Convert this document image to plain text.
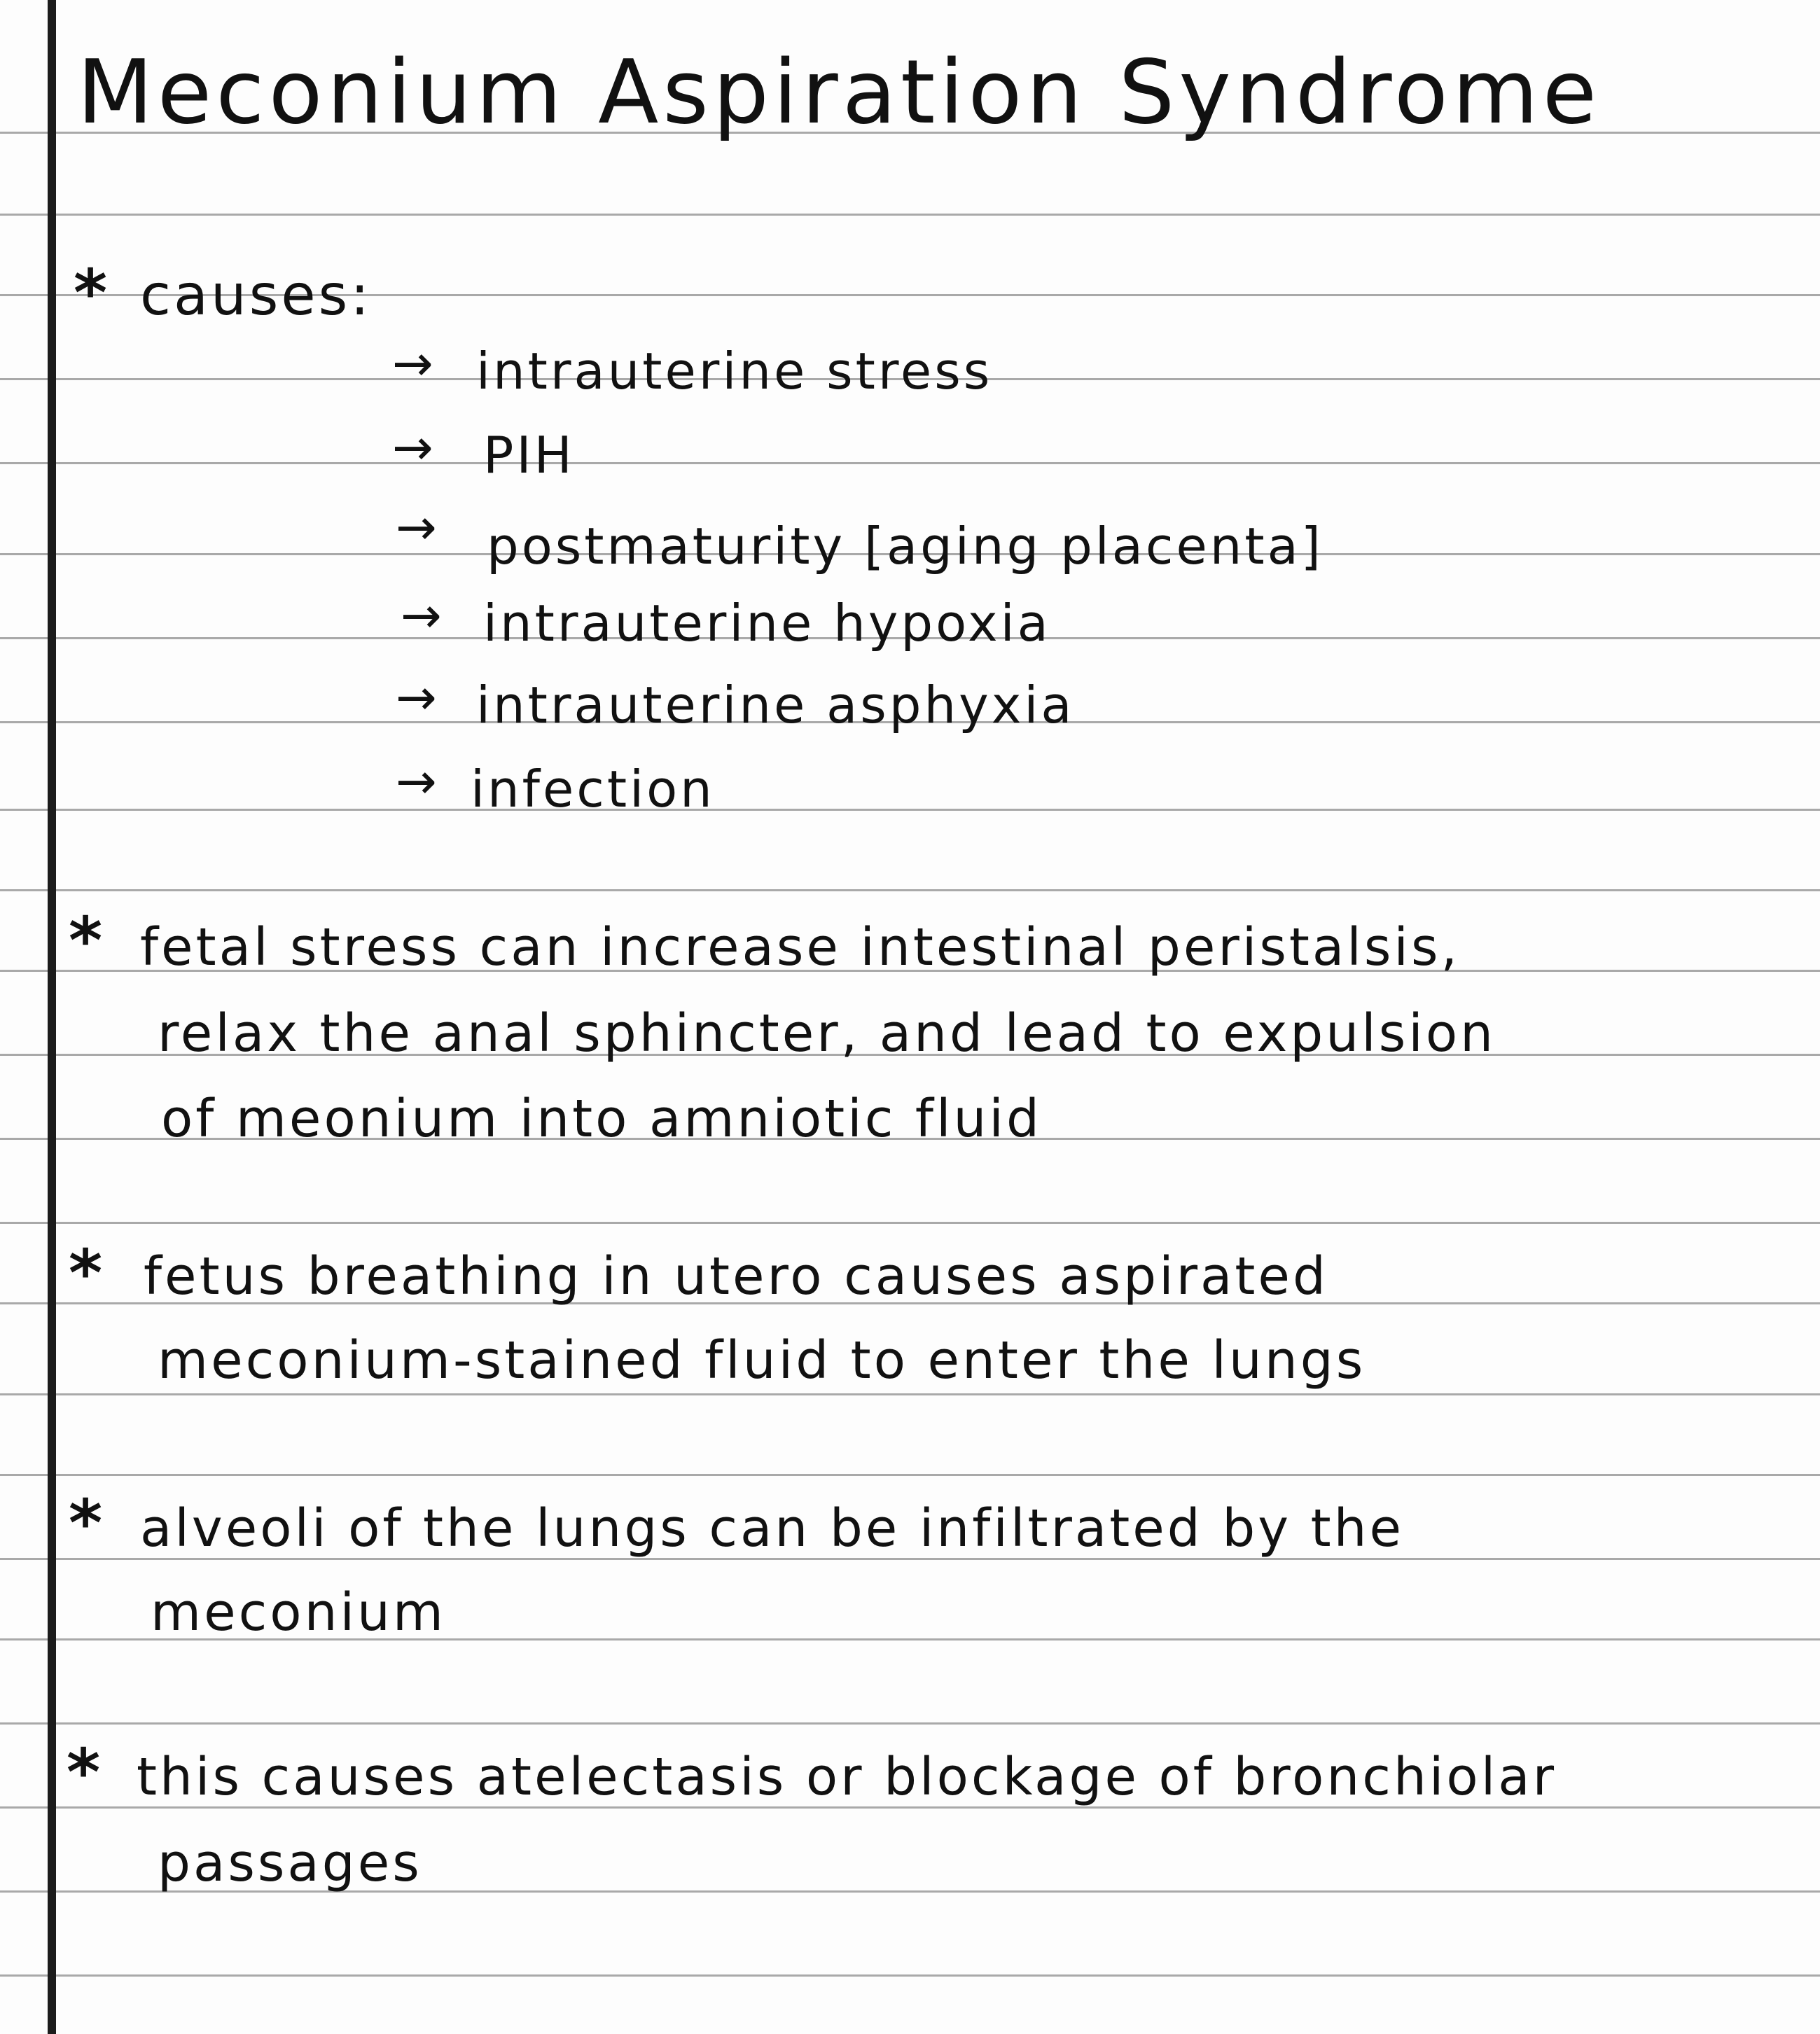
Meconium Aspiration Syndrome
* causes:
→ intrauterine stress
→ PIH
→ postmaturity [aging placenta]
→ intrauterine hypoxia
→ intrauterine asphyxia
→ infection
* fetal stress can increase intestinal peristalsis,
relax the anal sphincter, and lead to expulsion
of meonium into amniotic fluid
* fetus breathing in utero causes aspirated
meconium-stained fluid to enter the lungs
* alveoli of the lungs can be infiltrated by the
meconium
* this causes atelectasis or blockage of bronchiolar
passages
